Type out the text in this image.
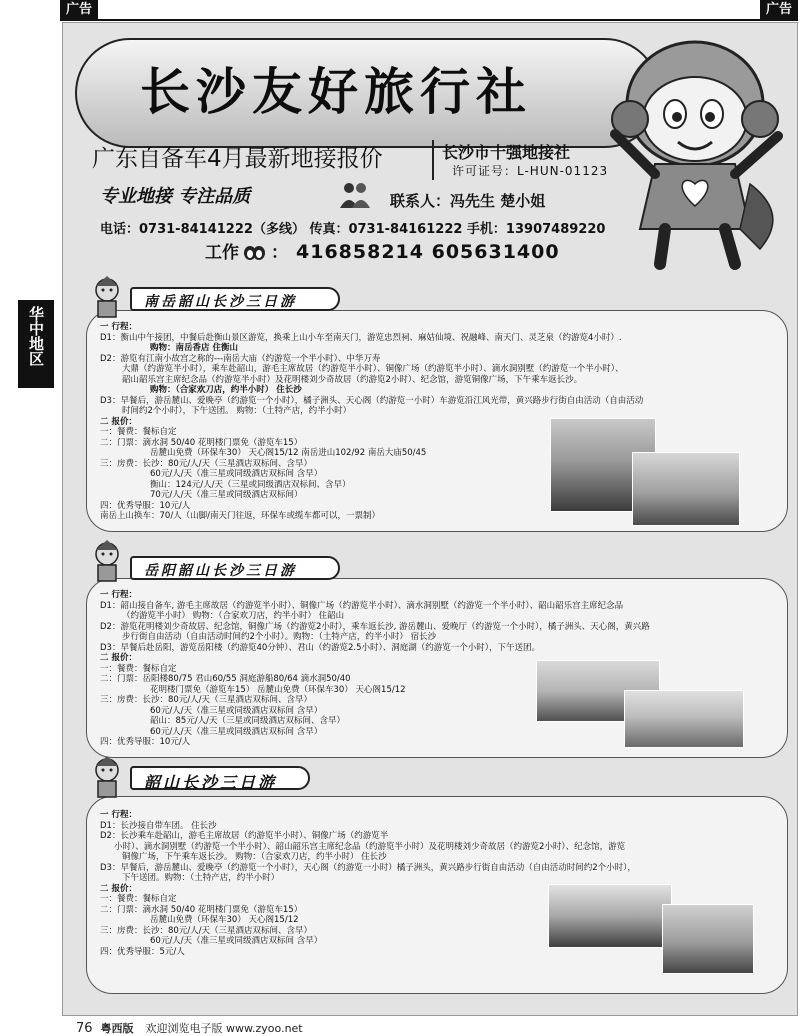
广告	广告
华中地区
长沙友好旅行社
广东自备车4月最新地接报价	长沙市十强地接社
许可证号：L-HUN-01123
专业地接 专注品质	联系人：冯先生 楚小姐
电话：0731-84141222（多线） 传真：0731-84161222 手机：13907489220
工作 ： 416858214 605631400
南岳韶山长沙三日游
一 行程：
D1：衡山中午接团，中餐后赴衡山景区游览，换乘上山小车至南天门，游览忠烈祠、麻姑仙境、祝融峰、南天门、灵芝泉（约游览4小时）.
购物：南岳香店 住衡山
D2：游览有江南小故宫之称的---南岳大庙（约游览一个半小时）、中华万寿
大鼎（约游览半小时），乘车赴韶山，游毛主席故居（约游览半小时）、铜像广场（约游览半小时）、滴水洞别墅（约游览一个半小时）、
韶山韶乐宫主席纪念品（约游览半小时）及花明楼刘少奇故居（约游览2小时）、纪念馆，游览铜像广场，下午乘车返长沙。
购物：（合家欢刀店，约半小时） 住长沙
D3：早餐后，游岳麓山、爱晚亭（约游览一个小时），橘子洲头、天心阁（约游览一小时）车游览沿江风光带，黄兴路步行街自由活动（自由活动
时间约2个小时），下午送团。 购物：（土特产店，约半小时）
二 报价：
一：餐费：餐标自定
二：门票：滴水洞 50/40 花明楼门票免（游览车15）
岳麓山免费（环保车30） 天心阁15/12 南岳进山102/92 南岳大庙50/45
三：房费：长沙：80元/人/天（三星酒店双标间、含早）
60元/人/天（准三星或同级酒店双标间 含早）
衡山：124元/人/天（三星或同级酒店双标间、含早）
70元/人/天（准三星或同级酒店双标间）
四：优秀导服：10元/人
南岳上山换车：70/人（山脚/南天门往返，环保车或缆车都可以，一票制）
岳阳韶山长沙三日游
一 行程：
D1：韶山接自备车, 游毛主席故居（约游览半小时）、铜像广场（约游览半小时）、滴水洞别墅（约游览一个半小时）、韶山韶乐宫主席纪念品
（约游览半小时） 购物：（合家欢刀店，约半小时） 住韶山
D2：游览花明楼刘少奇故居、纪念馆，铜像广场（约游览2小时），乘车返长沙, 游岳麓山、爱晚厅（约游览一个小时），橘子洲头、天心阁，黄兴路
步行街自由活动（自由活动时间约2个小时）。购物：（土特产店，约半小时） 宿长沙
D3：早餐后赴岳阳，游览岳阳楼（约游览40分钟）、君山（约游览2.5小时）、洞庭湖（约游览一个小时），下午送团。
二 报价：
一：餐费：餐标自定
二：门票：岳阳楼80/75 君山60/55 洞庭游船80/64 滴水洞50/40
花明楼门票免（游览车15） 岳麓山免费（环保车30） 天心阁15/12
三：房费：长沙：80元/人/天（三星酒店双标间、含早）
60元/人/天（准三星或同级酒店双标间 含早）
韶山：85元/人/天（三星或同级酒店双标间、含早）
60元/人/天（准三星或同级酒店双标间 含早）
四：优秀导服：10元/人
韶山长沙三日游
一 行程：
D1：长沙接自带车团。 住长沙
D2：长沙乘车赴韶山，游毛主席故居（约游览半小时）、铜像广场（约游览半
小时）、滴水洞别墅（约游览一个半小时）、韶山韶乐宫主席纪念品（约游览半小时）及花明楼刘少奇故居（约游览2小时）、纪念馆，游览
铜像广场，下午乘车返长沙。 购物：（合家欢刀店，约半小时） 住长沙
D3：早餐后，游岳麓山、爱晚亭（约游览一个小时），天心阁（约游览一小时）橘子洲头，黄兴路步行街自由活动（自由活动时间约2个小时），
下午送团。购物：（土特产店，约半小时）
二 报价：
一：餐费：餐标自定
二：门票：滴水洞 50/40 花明楼门票免（游览车15）
岳麓山免费（环保车30） 天心阁15/12
三：房费：长沙：80元/人/天（三星酒店双标间、含早）
60元/人/天（准三星或同级酒店双标间 含早）
四：优秀导服：5元/人
76 粤西版 欢迎浏览电子版 www.zyoo.net
